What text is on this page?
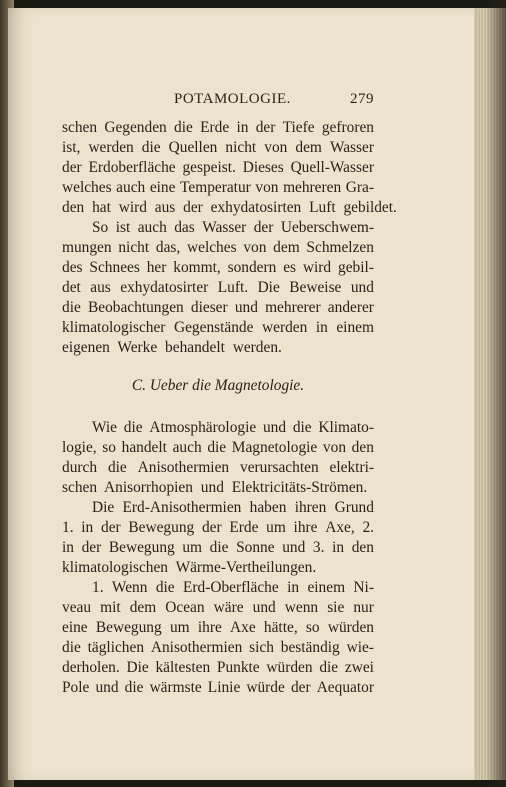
POTAMOLOGIE.	279
schen Gegenden die Erde in der Tiefe gefroren
ist, werden die Quellen nicht von dem Wasser
der Erdoberfläche gespeist. Dieses Quell-Wasser
welches auch eine Temperatur von mehreren Gra-
den hat wird aus der exhydatosirten Luft gebildet.
So ist auch das Wasser der Ueberschwem-
mungen nicht das, welches von dem Schmelzen
des Schnees her kommt, sondern es wird gebil-
det aus exhydatosirter Luft. Die Beweise und
die Beobachtungen dieser und mehrerer anderer
klimatologischer Gegenstände werden in einem
eigenen Werke behandelt werden.
C. Ueber die Magnetologie.
Wie die Atmosphärologie und die Klimato-
logie, so handelt auch die Magnetologie von den
durch die Anisothermien verursachten elektri-
schen Anisorrhopien und Elektricitäts-Strömen.
Die Erd-Anisothermien haben ihren Grund
1. in der Bewegung der Erde um ihre Axe, 2.
in der Bewegung um die Sonne und 3. in den
klimatologischen Wärme-Vertheilungen.
1. Wenn die Erd-Oberfläche in einem Ni-
veau mit dem Ocean wäre und wenn sie nur
eine Bewegung um ihre Axe hätte, so würden
die täglichen Anisothermien sich beständig wie-
derholen. Die kältesten Punkte würden die zwei
Pole und die wärmste Linie würde der Aequator
